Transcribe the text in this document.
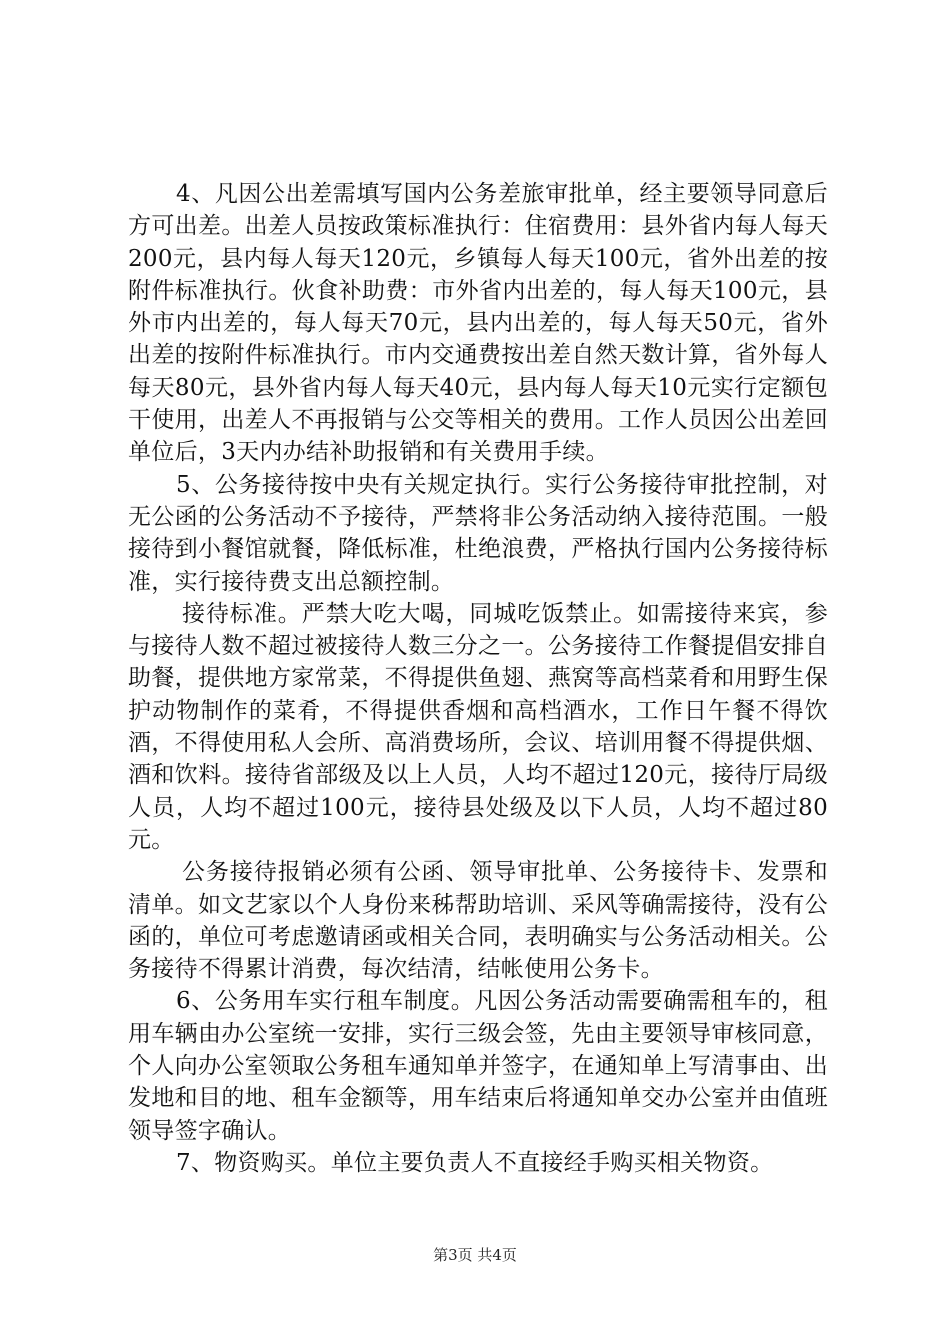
4、凡因公出差需填写国内公务差旅审批单，经主要领导同意后方可出差。出差人员按政策标准执行：住宿费用：县外省内每人每天200元，县内每人每天120元，乡镇每人每天100元，省外出差的按附件标准执行。伙食补助费：市外省内出差的，每人每天100元，县外市内出差的，每人每天70元，县内出差的，每人每天50元，省外出差的按附件标准执行。市内交通费按出差自然天数计算，省外每人每天80元，县外省内每人每天40元，县内每人每天10元实行定额包干使用，出差人不再报销与公交等相关的费用。工作人员因公出差回单位后，3天内办结补助报销和有关费用手续。

5、公务接待按中央有关规定执行。实行公务接待审批控制，对无公函的公务活动不予接待，严禁将非公务活动纳入接待范围。一般接待到小餐馆就餐，降低标准，杜绝浪费，严格执行国内公务接待标准，实行接待费支出总额控制。

接待标准。严禁大吃大喝，同城吃饭禁止。如需接待来宾，参与接待人数不超过被接待人数三分之一。公务接待工作餐提倡安排自助餐，提供地方家常菜，不得提供鱼翅、燕窝等高档菜肴和用野生保护动物制作的菜肴，不得提供香烟和高档酒水，工作日午餐不得饮酒，不得使用私人会所、高消费场所，会议、培训用餐不得提供烟、酒和饮料。接待省部级及以上人员，人均不超过120元，接待厅局级人员，人均不超过100元，接待县处级及以下人员，人均不超过80元。

公务接待报销必须有公函、领导审批单、公务接待卡、发票和清单。如文艺家以个人身份来秭帮助培训、采风等确需接待，没有公函的，单位可考虑邀请函或相关合同，表明确实与公务活动相关。公务接待不得累计消费，每次结清，结帐使用公务卡。

6、公务用车实行租车制度。凡因公务活动需要确需租车的，租用车辆由办公室统一安排，实行三级会签，先由主要领导审核同意，个人向办公室领取公务租车通知单并签字，在通知单上写清事由、出发地和目的地、租车金额等，用车结束后将通知单交办公室并由值班领导签字确认。

7、物资购买。单位主要负责人不直接经手购买相关物资。

第3页 共4页
